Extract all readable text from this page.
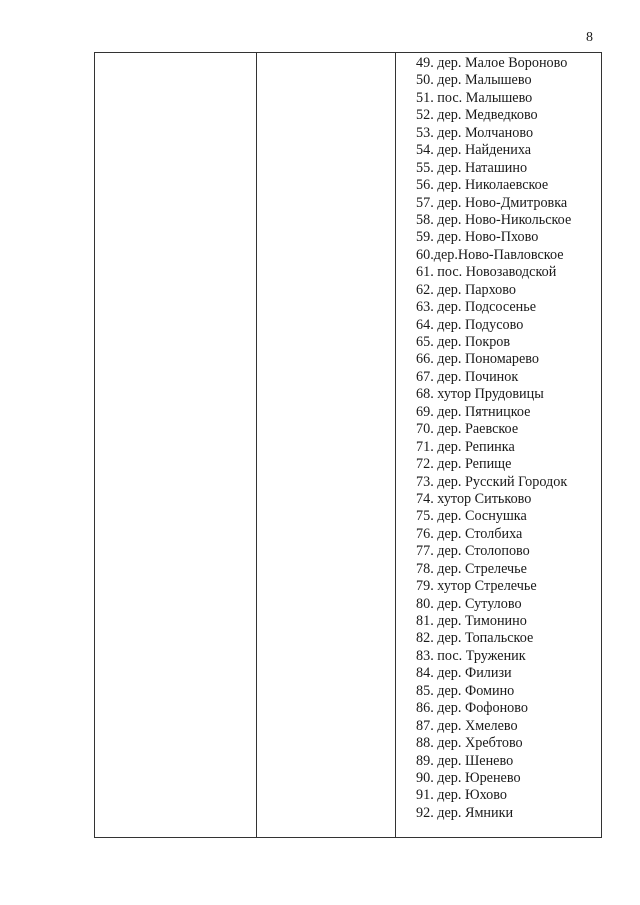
8
49. дер. Малое Вороново
50. дер. Малышево
51. пос. Малышево
52. дер. Медведково
53. дер. Молчаново
54. дер. Найдениха
55. дер. Наташино
56. дер. Николаевское
57. дер. Ново-Дмитровка
58. дер. Ново-Никольское
59. дер. Ново-Пхово
60.дер.Ново-Павловское
61. пос. Новозаводской
62. дер. Пархово
63. дер. Подсосенье
64. дер. Подусово
65. дер. Покров
66. дер. Пономарево
67. дер. Починок
68. хутор Прудовицы
69. дер. Пятницкое
70. дер. Раевское
71. дер. Репинка
72. дер. Репище
73. дер. Русский Городок
74. хутор Ситьково
75. дер. Соснушка
76. дер. Столбиха
77. дер. Столопово
78. дер. Стрелечье
79. хутор Стрелечье
80. дер. Сутулово
81. дер. Тимонино
82. дер. Топальское
83. пос. Труженик
84. дер. Филизи
85. дер. Фомино
86. дер. Фофоново
87. дер. Хмелево
88. дер. Хребтово
89. дер. Шенево
90. дер. Юренево
91. дер. Юхово
92. дер. Ямники
